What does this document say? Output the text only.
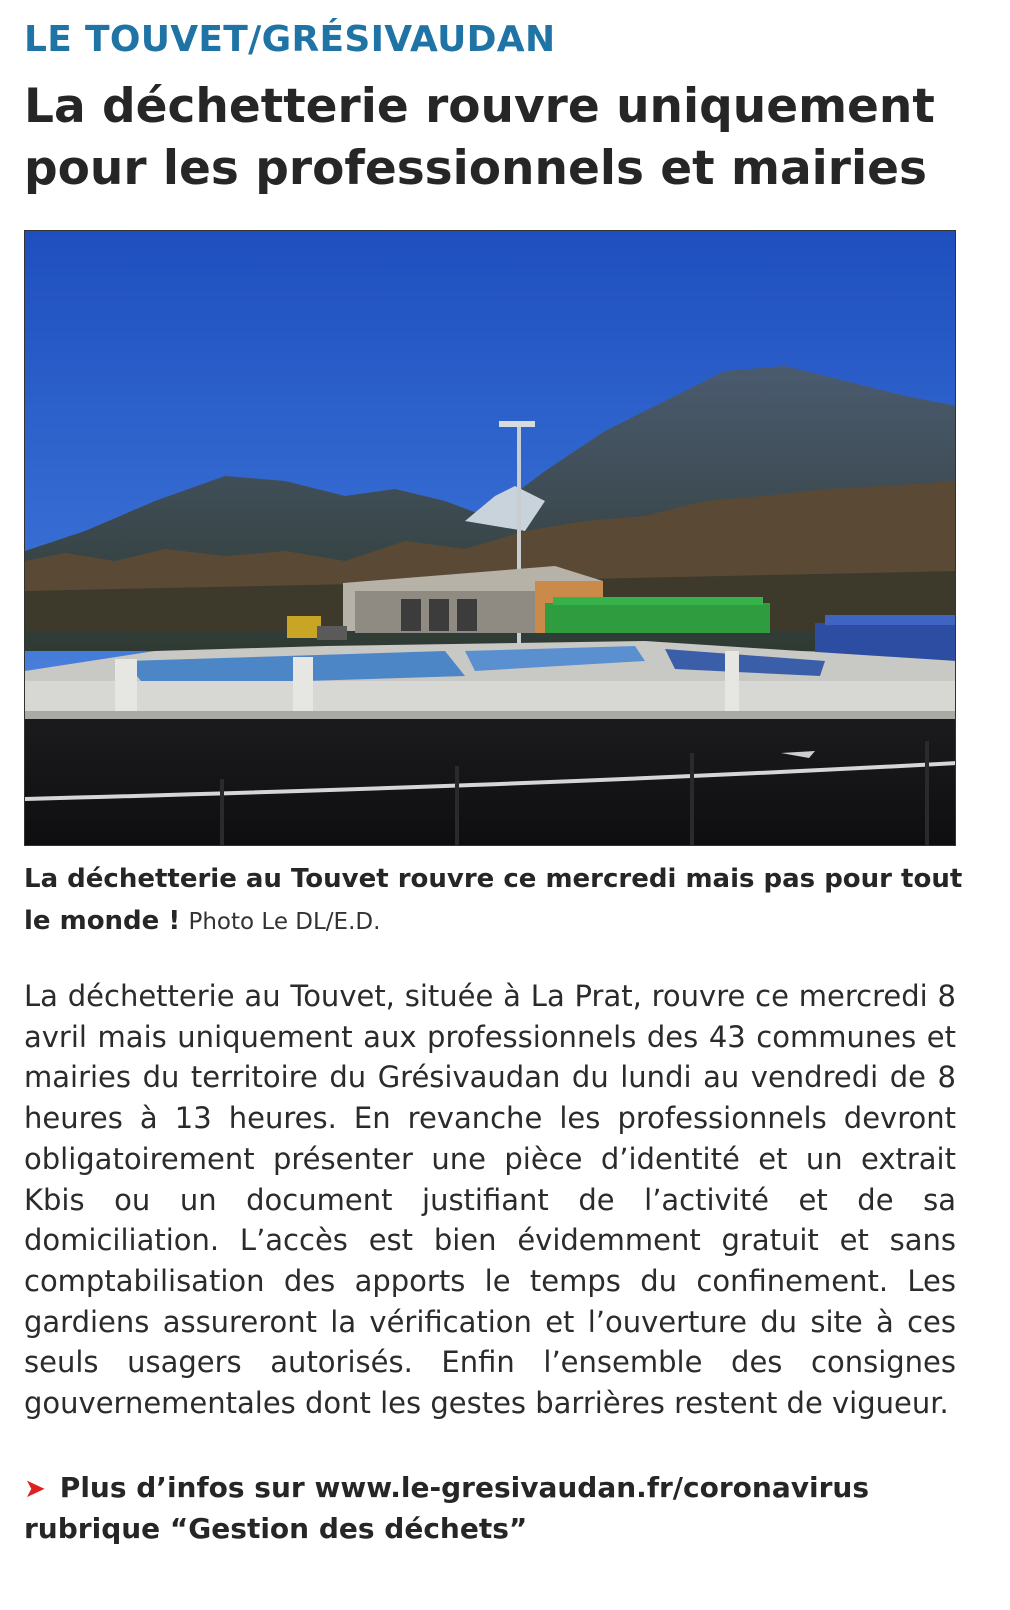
LE TOUVET/GRÉSIVAUDAN
La déchetterie rouvre uniquement
pour les professionnels et mairies
La déchetterie au Touvet rouvre ce mercredi mais pas pour tout le monde ! Photo Le DL/E.D.

La déchetterie au Touvet, située à La Prat, rouvre ce mercredi 8 avril mais uniquement aux professionnels des 43 communes et mairies du territoire du Grésivaudan du lundi au vendredi de 8 heures à 13 heures. En revanche les professionnels devront obligatoirement présenter une pièce d’identité et un extrait Kbis ou un document justifiant de l’activité et de sa domiciliation. L’accès est bien évidemment gratuit et sans comptabilisation des apports le temps du confinement. Les gardiens assureront la vérification et l’ouverture du site à ces seuls usagers autorisés. Enfin l’ensemble des consignes gouvernementales dont les gestes barrières restent de vigueur.

➤ Plus d’infos sur www.le-gresivaudan.fr/coronavirus
rubrique “Gestion des déchets”
